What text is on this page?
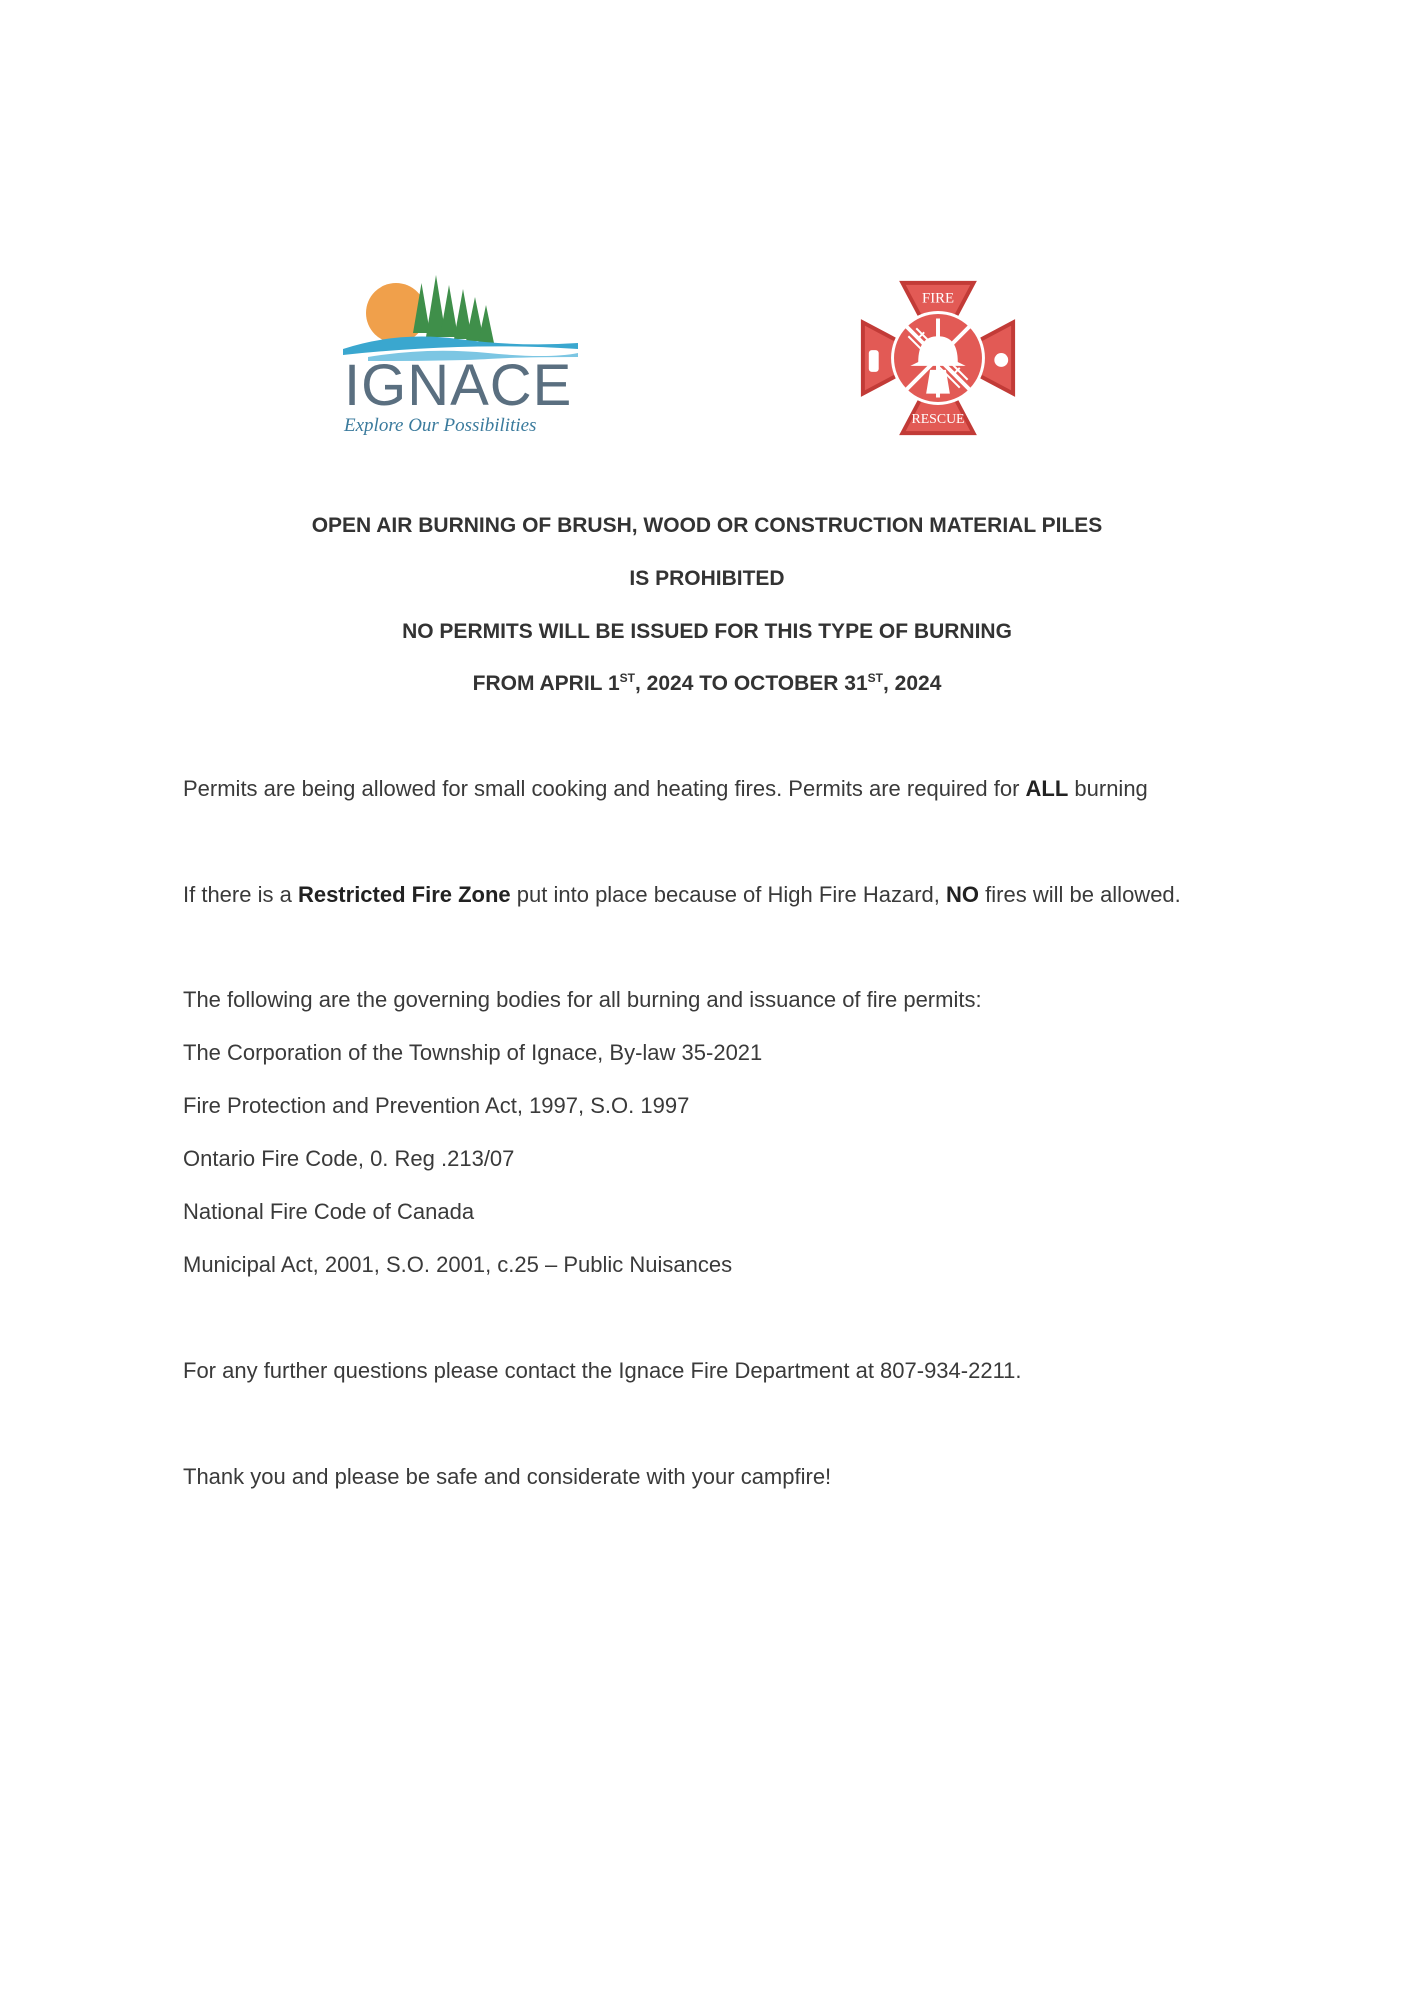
IGNACE
Explore Our Possibilities
FIRE
RESCUE
OPEN AIR BURNING OF BRUSH, WOOD OR CONSTRUCTION MATERIAL PILES
IS PROHIBITED
NO PERMITS WILL BE ISSUED FOR THIS TYPE OF BURNING
FROM APRIL 1ST, 2024 TO OCTOBER 31ST, 2024
Permits are being allowed for small cooking and heating fires. Permits are required for ALL burning
If there is a Restricted Fire Zone put into place because of High Fire Hazard, NO fires will be allowed.
The following are the governing bodies for all burning and issuance of fire permits:
The Corporation of the Township of Ignace, By-law 35-2021
Fire Protection and Prevention Act, 1997, S.O. 1997
Ontario Fire Code, 0. Reg .213/07
National Fire Code of Canada
Municipal Act, 2001, S.O. 2001, c.25 – Public Nuisances
For any further questions please contact the Ignace Fire Department at 807-934-2211.
Thank you and please be safe and considerate with your campfire!
